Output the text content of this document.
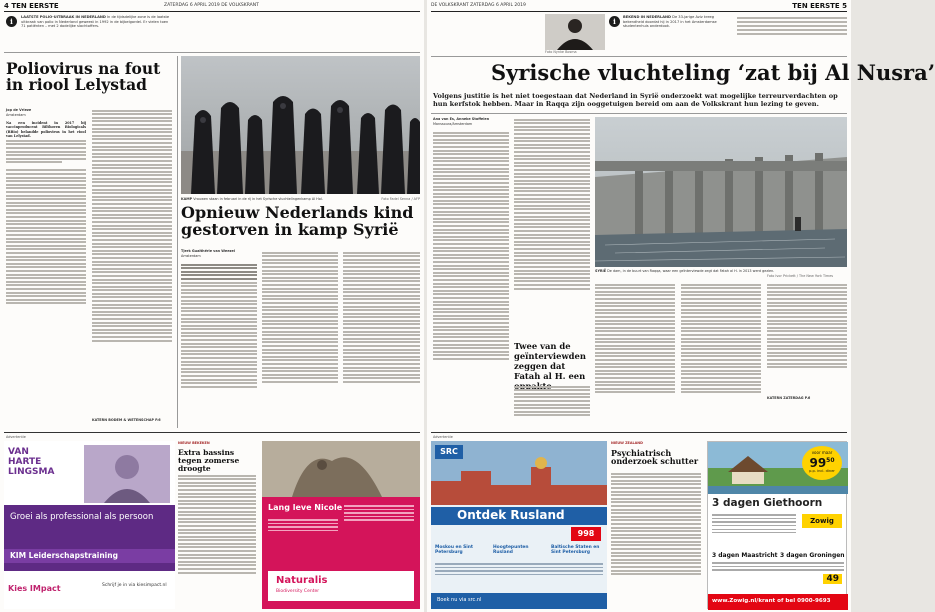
4 TEN EERSTE	ZATERDAG 6 APRIL 2019 DE VOLKSKRANT
i	LAATSTE POLIO-UITBRAAK IN NEDERLAND In de tijdsdelijke zone is de laatste uitbraak van polio in Nederland geweest in 1992 in de bijbelgordel. Er vielen toen 71 patiënten – met 2 dodelijke slachtoffers.
Poliovirus na fout in riool Lelystad
Jop de Vrieze
Amsterdam
Na een incident in 2017 bij vaccinproducent Bilthoven Biologicals (BBio) belandde poliovirus in het riool van Lelystad.
KATERN BODEM & WETENSCHAP P.6
KAMP Vrouwen staan in februari in de rij in het Syrische vluchtelingenkamp Al Hol.	Foto Fadel Senna / AFP
Opnieuw Nederlands kind gestorven in kamp Syrië
Tjerk Gualthérie van Weezel
Amsterdam
Advertentie
VAN
HARTE
LINGSMA
Groei als professional als persoon
KIM Leiderschapstraining
Kies IMpact	Schrijf je in via kiesimpact.nl
NIEUW BEKEKEN
Extra bassins tegen zomerse droogte
Lang leve Nicole
Naturalis
Biodiversity Center
DE VOLKSKRANT ZATERDAG 6 APRIL 2019	TEN EERSTE 5
Foto Nynke Bosma
i	BEKEND IN NEDERLAND De 33-jarige Aziz kreeg bekendheid doordat hij in 2017 in het Amsterdamse studentenhuis onderdook.
Syrische vluchteling ‘zat bij Al Nusra’
Volgens justitie is het niet toegestaan dat Nederland in Syrië onderzoekt wat mogelijke terreurverdachten op hun kerfstok hebben. Maar in Raqqa zijn ooggetuigen bereid om aan de Volkskrant hun lezing te geven.
Ana van Es, Anneke Stoffelen
Manssoura/Amsterdam
Twee van de geïnterviewden zeggen dat Fatah al H. een
SYRIË De dam, in de buurt van Raqqa, waar een geïnterviewde zegt dat Fatah al H. in 2013 werd gezien.
Foto Ivor Prickett / The New York Times
KATERN ZATERDAG P.6
Advertentie
SRC
Ontdek Rusland
998
Moskou en Sint Petersburg
Hoogtepunten Rusland
Baltische Staten en Sint Petersburg
Boek nu via src.nl
NIEUW ZEALAND
Psychiatrisch onderzoek schutter
voor maar
$99^{50}$
p.p. incl. diner
3 dagen Giethoorn
Zowig
3 dagen Maastricht 3 dagen Groningen
49
www.Zowig.nl/krant of bel 0900-9693
